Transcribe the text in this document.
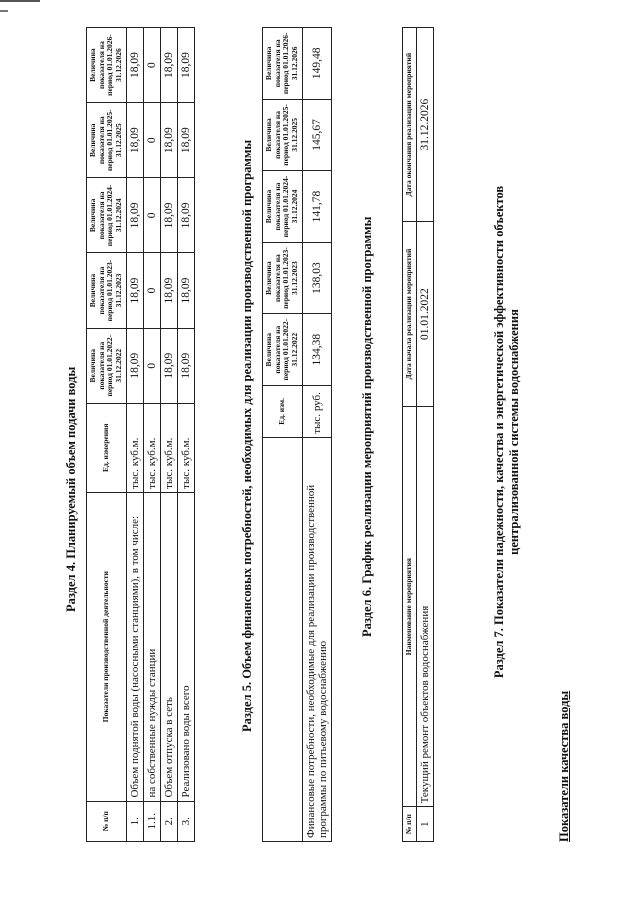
Раздел 4. Планируемый объем подачи воды
№ п/п	Показатели производственной деятельности	Ед. измерения	Величина показателя на период 01.01.2022-31.12.2022	Величина показателя на период 01.01.2023-31.12.2023	Величина показателя на период 01.01.2024-31.12.2024	Величина показателя на период 01.01.2025-31.12.2025	Величина показателя на период 01.01.2026-31.12.2026
1.	Объем поднятой воды (насосными станциями), в том числе:	тыс. куб.м.	18,09	18,09	18,09	18,09	18,09
1.1.	на собственные нужды станции	тыс. куб.м.	0	0	0	0	0
2.	Объем отпуска в сеть	тыс. куб.м.	18,09	18,09	18,09	18,09	18,09
3.	Реализовано воды всего	тыс. куб.м.	18,09	18,09	18,09	18,09	18,09
Раздел 5. Объем финансовых потребностей, необходимых для реализации производственной программы
		Ед. изм.	Величина показателя на период 01.01.2022-31.12.2022	Величина показателя на период 01.01.2023-31.12.2023	Величина показателя на период 01.01.2024-31.12.2024	Величина показателя на период 01.01.2025-31.12.2025	Величина показателя на период 01.01.2026-31.12.2026
Финансовые потребности, необходимые для реализации производственной программы по питьевому водоснабжению	тыс. руб.	134,38	138,03	141,78	145,67	149,48
Раздел 6. График реализации мероприятий производственной программы
№ п/п	Наименование мероприятия	Дата начала реализации мероприятий	Дата окончания реализации мероприятий
1	Текущий ремонт объектов водоснабжения	01.01.2022	31.12.2026
Раздел 7. Показатели надежности, качества и энергетической эффективности объектов централизованной системы водоснабжения
Показатели качества воды
